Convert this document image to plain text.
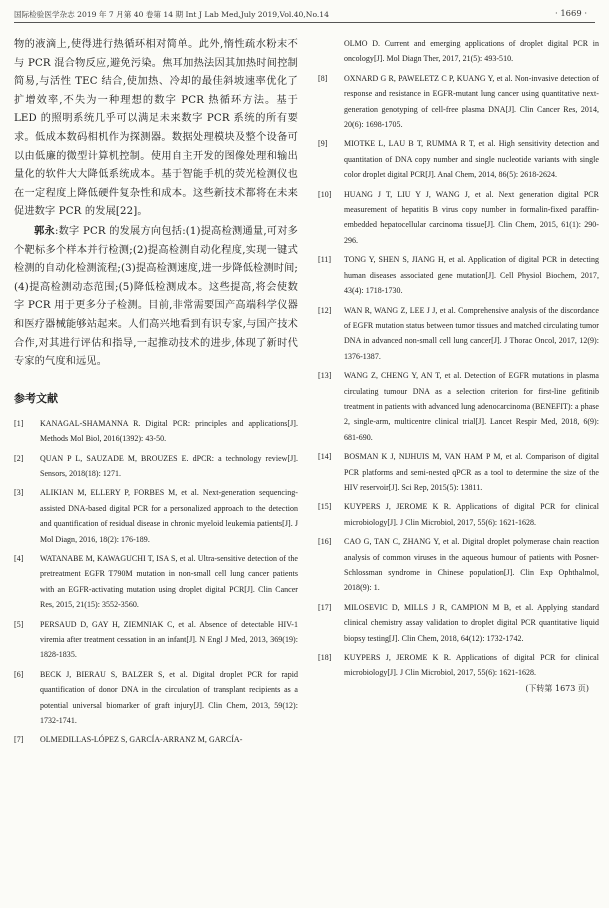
国际检验医学杂志 2019 年 7 月第 40 卷第 14 期 Int J Lab Med,July 2019,Vol.40,No.14	· 1669 ·

物的液滴上,使得进行热循环相对简单。此外,惰性疏水粉末不与 PCR 混合物反应,避免污染。焦耳加热法因其加热时间控制简易,与活性 TEC 结合,使加热、冷却的最佳斜坡速率优化了扩增效率,不失为一种理想的数字 PCR 热循环方法。基于 LED 的照明系统几乎可以满足未来数字 PCR 系统的所有要求。低成本数码相机作为探测器。数据处理模块及整个设备可以由低廉的微型计算机控制。使用自主开发的图像处理和输出量化的软件大大降低系统成本。基于智能手机的荧光检测仪也在一定程度上降低硬件复杂性和成本。这些新技术都将在未来促进数字 PCR 的发展[22]。

郭永:数字 PCR 的发展方向包括:(1)提高检测通量,可对多个靶标多个样本并行检测;(2)提高检测自动化程度,实现一键式检测的自动化检测流程;(3)提高检测速度,进一步降低检测时间;(4)提高检测动态范围;(5)降低检测成本。这些提高,将会使数字 PCR 用于更多分子检测。目前,非常需要国产高端科学仪器和医疗器械能够站起来。人们高兴地看到有识专家,与国产技术合作,对其进行评估和指导,一起推动技术的进步,体现了新时代专家的气度和远见。

参考文献
[1] KANAGAL-SHAMANNA R. Digital PCR: principles and applications[J]. Methods Mol Biol, 2016(1392): 43-50.
[2] QUAN P L, SAUZADE M, BROUZES E. dPCR: a technology review[J]. Sensors, 2018(18): 1271.
[3] ALIKIAN M, ELLERY P, FORBES M, et al. Next-generation sequencing-assisted DNA-based digital PCR for a personalized approach to the detection and quantification of residual disease in chronic myeloid leukemia patients[J]. J Mol Diagn, 2016, 18(2): 176-189.
[4] WATANABE M, KAWAGUCHI T, ISA S, et al. Ultra-sensitive detection of the pretreatment EGFR T790M mutation in non-small cell lung cancer patients with an EGFR-activating mutation using droplet digital PCR[J]. Clin Cancer Res, 2015, 21(15): 3552-3560.
[5] PERSAUD D, GAY H, ZIEMNIAK C, et al. Absence of detectable HIV-1 viremia after treatment cessation in an infant[J]. N Engl J Med, 2013, 369(19): 1828-1835.
[6] BECK J, BIERAU S, BALZER S, et al. Digital droplet PCR for rapid quantification of donor DNA in the circulation of transplant recipients as a potential universal biomarker of graft injury[J]. Clin Chem, 2013, 59(12): 1732-1741.
[7] OLMEDILLAS-LÓPEZ S, GARCÍA-ARRANZ M, GARCÍA-
OLMO D. Current and emerging applications of droplet digital PCR in oncology[J]. Mol Diagn Ther, 2017, 21(5): 493-510.
[8] OXNARD G R, PAWELETZ C P, KUANG Y, et al. Non-invasive detection of response and resistance in EGFR-mutant lung cancer using quantitative next-generation genotyping of cell-free plasma DNA[J]. Clin Cancer Res, 2014, 20(6): 1698-1705.
[9] MIOTKE L, LAU B T, RUMMA R T, et al. High sensitivity detection and quantitation of DNA copy number and single nucleotide variants with single color droplet digital PCR[J]. Anal Chem, 2014, 86(5): 2618-2624.
[10] HUANG J T, LIU Y J, WANG J, et al. Next generation digital PCR measurement of hepatitis B virus copy number in formalin-fixed paraffin-embedded hepatocellular carcinoma tissue[J]. Clin Chem, 2015, 61(1): 290-296.
[11] TONG Y, SHEN S, JIANG H, et al. Application of digital PCR in detecting human diseases associated gene mutation[J]. Cell Physiol Biochem, 2017, 43(4): 1718-1730.
[12] WAN R, WANG Z, LEE J J, et al. Comprehensive analysis of the discordance of EGFR mutation status between tumor tissues and matched circulating tumor DNA in advanced non-small cell lung cancer[J]. J Thorac Oncol, 2017, 12(9): 1376-1387.
[13] WANG Z, CHENG Y, AN T, et al. Detection of EGFR mutations in plasma circulating tumour DNA as a selection criterion for first-line gefitinib treatment in patients with advanced lung adenocarcinoma (BENEFIT): a phase 2, single-arm, multicentre clinical trial[J]. Lancet Respir Med, 2018, 6(9): 681-690.
[14] BOSMAN K J, NIJHUIS M, VAN HAM P M, et al. Comparison of digital PCR platforms and semi-nested qPCR as a tool to determine the size of the HIV reservoir[J]. Sci Rep, 2015(5): 13811.
[15] KUYPERS J, JEROME K R. Applications of digital PCR for clinical microbiology[J]. J Clin Microbiol, 2017, 55(6): 1621-1628.
[16] CAO G, TAN C, ZHANG Y, et al. Digital droplet polymerase chain reaction analysis of common viruses in the aqueous humour of patients with Posner-Schlossman syndrome in Chinese population[J]. Clin Exp Ophthalmol, 2018(9): 1.
[17] MILOSEVIC D, MILLS J R, CAMPION M B, et al. Applying standard clinical chemistry assay validation to droplet digital PCR quantitative liquid biopsy testing[J]. Clin Chem, 2018, 64(12): 1732-1742.
[18] KUYPERS J, JEROME K R. Applications of digital PCR for clinical microbiology[J]. J Clin Microbiol, 2017, 55(6): 1621-1628.
(下转第 1673 页)
